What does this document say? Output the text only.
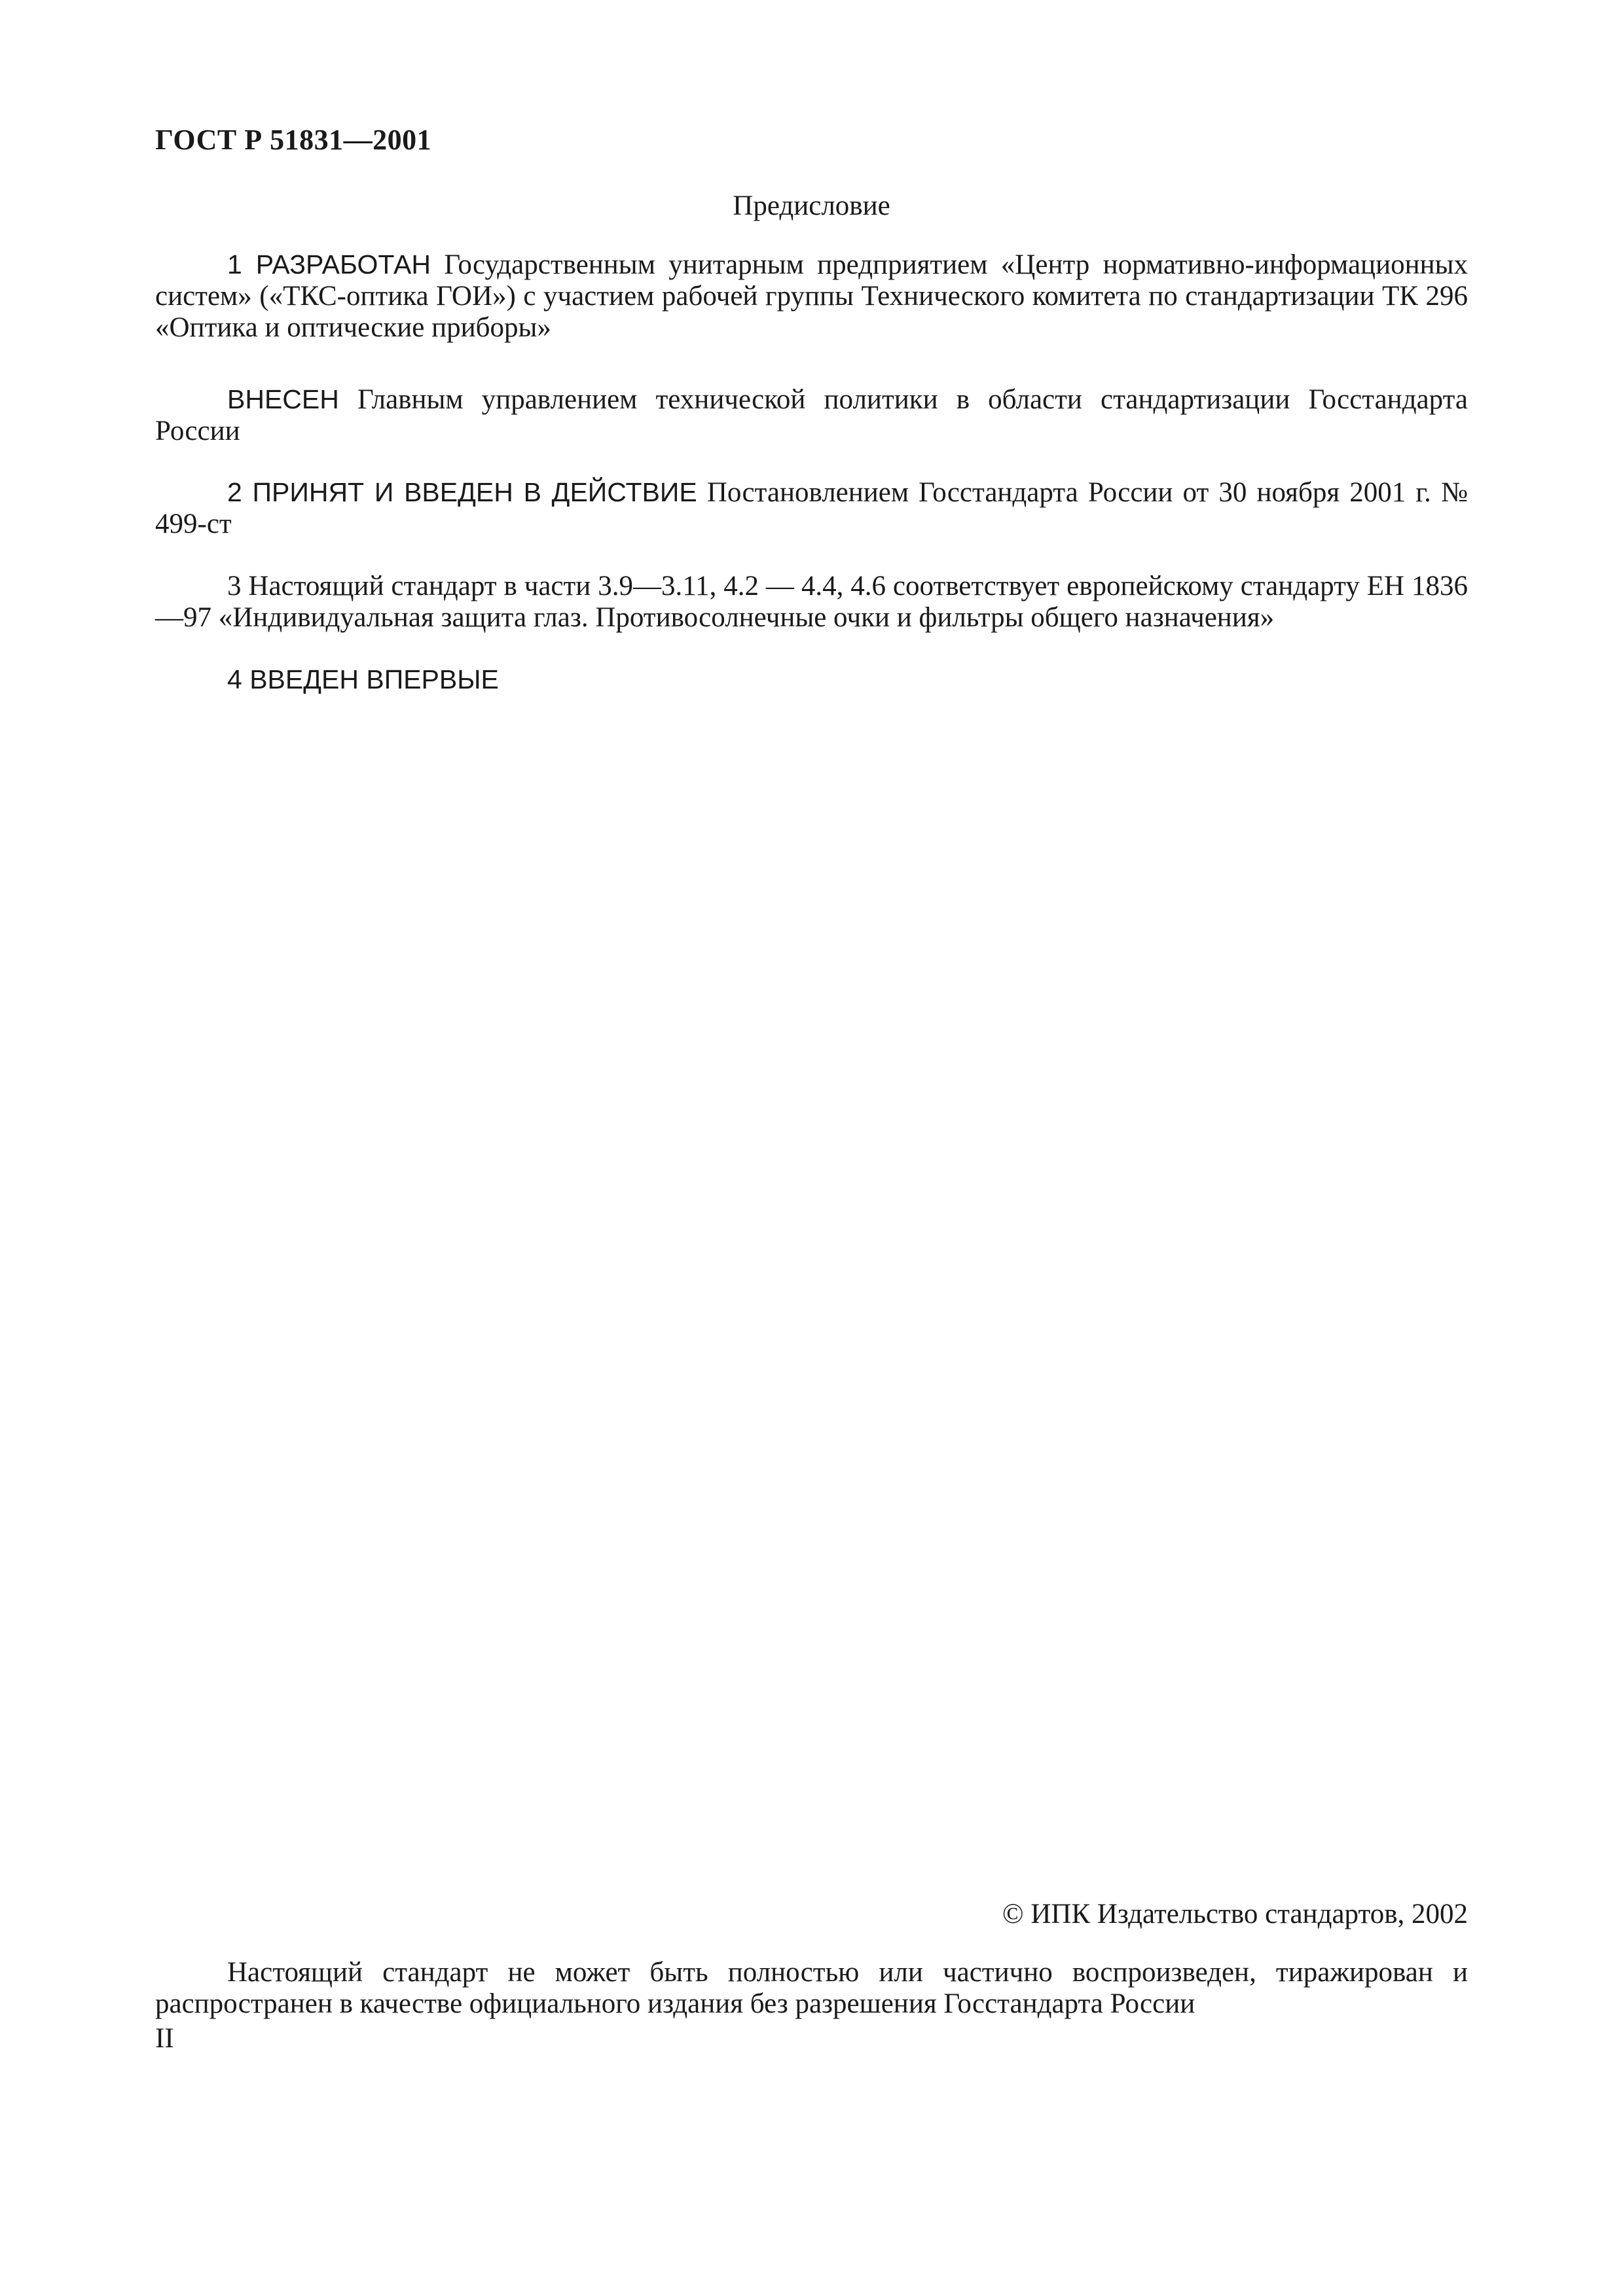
ГОСТ Р 51831—2001
Предисловие
1 РАЗРАБОТАН Государственным унитарным предприятием «Центр нормативно-информационных систем» («ТКС-оптика ГОИ») с участием рабочей группы Технического комитета по стандартизации ТК 296 «Оптика и оптические приборы»
ВНЕСЕН Главным управлением технической политики в области стандартизации Госстандарта России
2 ПРИНЯТ И ВВЕДЕН В ДЕЙСТВИЕ Постановлением Госстандарта России от 30 ноября 2001 г. № 499-ст
3 Настоящий стандарт в части 3.9—3.11, 4.2 — 4.4, 4.6 соответствует европейскому стандарту ЕН 1836—97 «Индивидуальная защита глаз. Противосолнечные очки и фильтры общего назначения»
4 ВВЕДЕН ВПЕРВЫЕ
© ИПК Издательство стандартов, 2002
Настоящий стандарт не может быть полностью или частично воспроизведен, тиражирован и распространен в качестве официального издания без разрешения Госстандарта России
II
